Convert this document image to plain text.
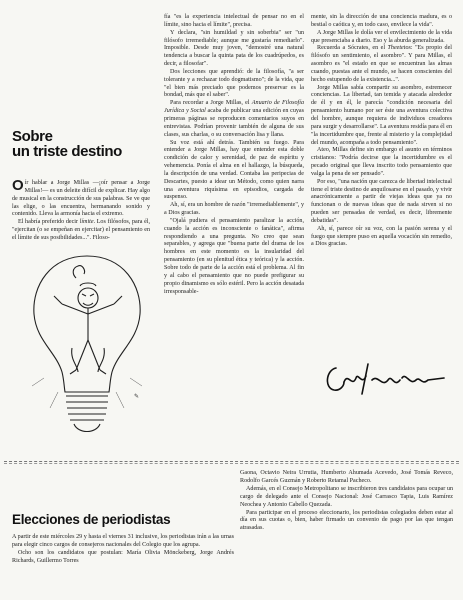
Sobre
un triste destino

Oír hablar a Jorge Millas —¡oír pensar a Jorge Millas!— es un deleite difícil de explicar. Hay algo de musical en la construcción de sus palabras. Se ve que las elige, o las encuentra, hermanando sonido y contenido. Lleva la armonía hacia el extremo.

El habría preferido decir límite. Los filósofos, para él, "ejercitan (o se empeñan en ejercitar) el pensamiento en el límite de sus posibilidades...". Filoso-

✎

fía "es la experiencia intelectual de pensar no en el límite, sino hacia el límite", precisa.

Y declara, "sin humildad y sin soberbia" ser "un filósofo irremediable; aunque me gustaría remediarlo". Imposible. Desde muy joven, "demostré una natural tendencia a buscar la quinta pata de los cuadrúpedos, es decir, a filosofar".

Dos lecciones que aprendió: de la filosofía, "a ser tolerante y a rechazar todo dogmatismo"; de la vida, que "el bien más preciado que podemos preservar es la bondad, más que el saber".

Para recordar a Jorge Millas, el Anuario de Filosofía Jurídica y Social acaba de publicar una edición en cuyas primeras páginas se reproducen comentarios suyos en entrevistas. Podrían provenir también de alguna de sus clases, sus charlas, o su conversación lisa y llana.

Su voz está ahí detrás. También su fuego. Para entender a Jorge Millas, hay que entender esta doble condición de calor y serenidad, de paz de espíritu y vehemencia. Ponía el alma en el hallazgo, la búsqueda, la descripción de una verdad. Contaba las peripecias de Descartes, puesto a idear un Método, como quien narra una aventura riquísima en episodios, cargada de suspenso.

Ah, sí, era un hombre de razón "irremediablemente", y a Dios gracias.

"Ojalá pudiera el pensamiento paralizar la acción, cuando la acción es inconsciente o fanática", afirma respondiendo a una pregunta. No creo que sean separables, y agrega que "buena parte del drama de los hombres en este momento es la insularidad del pensamiento (en su plenitud ética y teórica) y la acción. Sobre todo de parte de la acción está el problema. Al fin y al cabo el pensamiento que no puede prefigurar su propio dinamismo es sólo estéril. Pero la acción desatada irresponsable-

mente, sin la dirección de una conciencia madura, es o bestial o caótica y, en todo caso, envilece la vida".

A Jorge Millas le dolía ver el envilecimiento de la vida que presenciaba a diario. Eso y la aburda generalizada.

Recuerda a Sócrates, en el Theetetos: "Es propio del filósofo un sentimiento, el asombro". Y para Millas, el asombro es "el estado en que se encuentran las almas cuando, puestas ante el mundo, se hacen conscientes del hecho estupendo de la existencia...".

Jorge Millas sabía compartir su asombro, estremecer conciencias. La libertad, tan temida y atacada alrededor de él y en él, le parecía "condición necesaria del pensamiento humano por ser éste una aventura colectiva del hombre, aunque requiera de individuos creadores para surgir y desarrollarse". La aventura residía para él en "la incertidumbre que, frente al misterio y la complejidad del mundo, acompaña a todo pensamiento".

Ateo, Millas define sin embargo el asunto en términos cristianos: "Podría decirse que la incertidumbre es el pecado original que lleva inscrito todo pensamiento que valga la pena de ser pensado".

Por eso, "una nación que carezca de libertad intelectual tiene el triste destino de anquilosarse en el pasado, y vivir anacrónicamente a partir de viejas ideas que ya no funcionan o de nuevas ideas que de nada sirven si no pueden ser pensadas de verdad, es decir, libremente debatidas".

Ah, sí, parece oír su voz, con la pasión serena y el fuego que siempre puso en aquella vocación sin remedio, a Dios gracias.

Elecciones de periodistas

A partir de este miércoles 29 y hasta el viernes 31 inclusive, los periodistas irán a las urnas para elegir cinco cargos de consejeros nacionales del Colegio que los agrupa.

Ocho son los candidatos que postulan: María Olivia Mönckeberg, Jorge Andrés Richards, Guillermo Torres

Gaona, Octavio Neira Urrutia, Humberto Ahumada Acevedo, José Tomás Reveco, Rodolfo Garcés Guzmán y Roberto Retamal Pacheco.

Además, en el Consejo Metropolitano se inscribieron tres candidatos para ocupar un cargo de delegado ante el Consejo Nacional: José Carrasco Tapia, Luis Ramírez Neocheа y Antonio Cabello Quezada.

Para participar en el proceso eleccionario, los periodistas colegiados deben estar al día en sus cuotas o, bien, haber firmado un convenio de pago por las que tengan atrasadas.
